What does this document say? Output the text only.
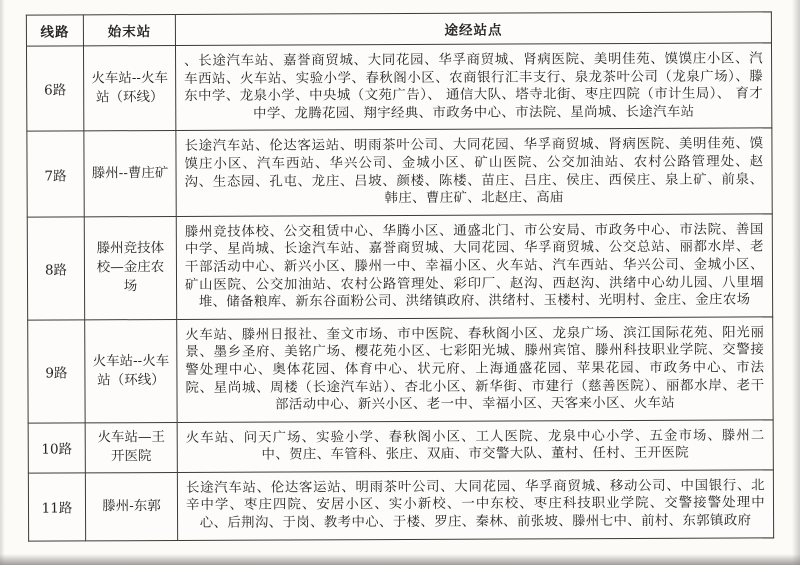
线路	始末站	途经站点
6路	火车站--火车站（环线）	、长途汽车站、嘉誉商贸城、大同花园、华孚商贸城、肾病医院、美明佳苑、馍馍庄小区、汽车西站、火车站、实验小学、春秋阁小区、农商银行汇丰支行、泉龙茶叶公司（龙泉广场）、滕东中学、龙泉小学、中央城（文苑广告）、 通信大队、塔寺北街、枣庄四院（市计生局）、 育才中学、龙腾花园、翔宇经典、市政务中心、市法院、星尚城、长途汽车站
7路	滕州--曹庄矿	长途汽车站、伦达客运站、明雨茶叶公司、大同花园、华孚商贸城、肾病医院、美明佳苑、馍馍庄小区、汽车西站、华兴公司、金城小区、矿山医院、公交加油站、农村公路管理处、赵沟、生态园、孔屯、龙庄、吕坡、颜楼、陈楼、苗庄、吕庄、侯庄、西侯庄、泉上矿、前泉、韩庄、曹庄矿、北赵庄、高庙
8路	滕州竞技体校—金庄农场	滕州竞技体校、公交租赁中心、华腾小区、通盛北门、市公安局、市政务中心、市法院、善国中学、星尚城、长途汽车站、嘉誉商贸城、大同花园、华孚商贸城、公交总站、丽都水岸、老干部活动中心、新兴小区、滕州一中、幸福小区、火车站、汽车西站、华兴公司、金城小区、矿山医院、公交加油站、农村公路管理处、彩印厂、赵沟、西赵沟、洪绪中心幼儿园、八里堌堆、储备粮库、新东谷面粉公司、洪绪镇政府、洪绪村、玉楼村、光明村、金庄、金庄农场
9路	火车站--火车站（环线）	火车站、滕州日报社、奎文市场、市中医院、春秋阁小区、龙泉广场、滨江国际花苑、阳光丽景、墨乡圣府、美铭广场、樱花苑小区、七彩阳光城、滕州宾馆、滕州科技职业学院、交警接警处理中心、奥体花园、体育中心、状元府、上海通盛花园、苹果花园、市政务中心、市法院、星尚城、周楼（长途汽车站）、杏北小区、新华街、市建行（慈善医院）、丽都水岸、老干部活动中心、新兴小区、老一中、幸福小区、天客来小区、火车站
10路	火车站—王开医院	火车站、问天广场、实验小学、春秋阁小区、工人医院、龙泉中心小学、五金市场、滕州二中、贺庄、车管科、张庄、双庙、市交警大队、董村、任村、王开医院
11路	滕州-东郭	长途汽车站、伦达客运站、明雨茶叶公司、大同花园、华孚商贸城、移动公司、中国银行、北辛中学、枣庄四院、安居小区、实小新校、一中东校、枣庄科技职业学院、交警接警处理中心、后荆沟、于岗、教考中心、于楼、罗庄、秦林、前张坡、滕州七中、前村、东郭镇政府
